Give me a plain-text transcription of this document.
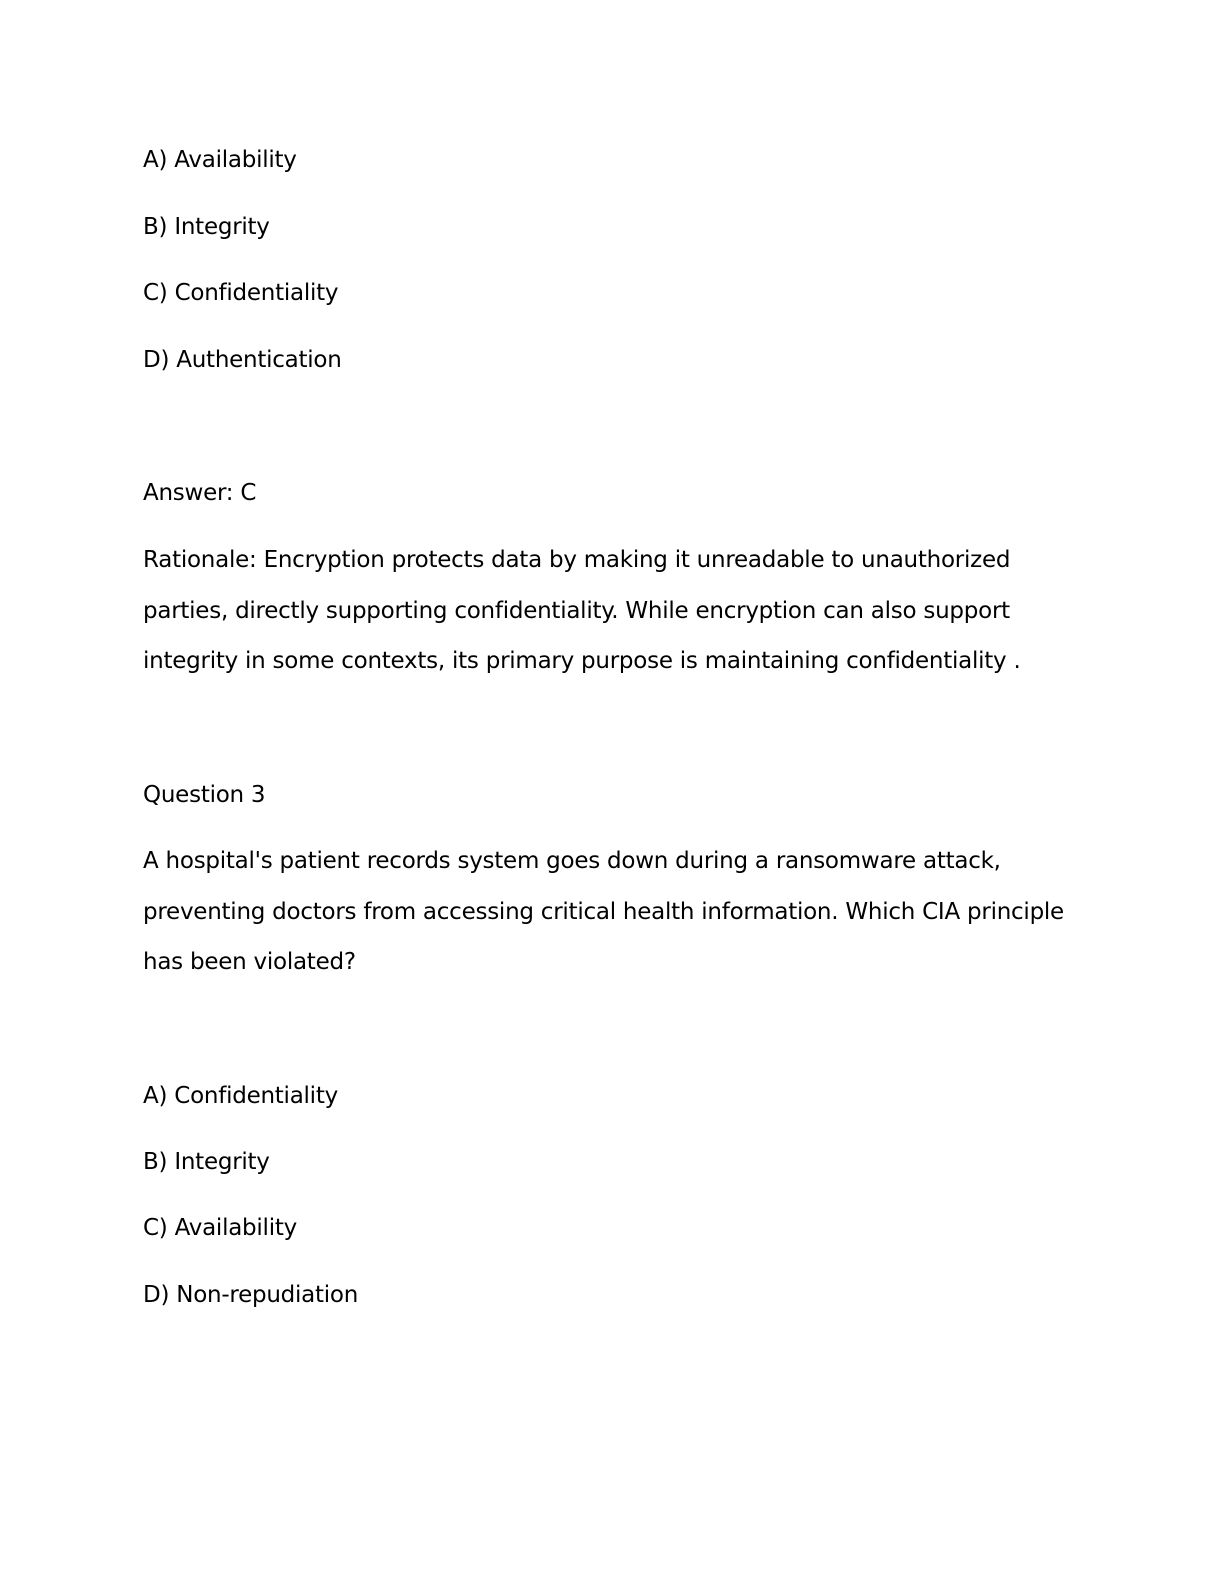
A) Availability

B) Integrity

C) Confidentiality

D) Authentication

Answer: C

Rationale: Encryption protects data by making it unreadable to unauthorized
parties, directly supporting confidentiality. While encryption can also support
integrity in some contexts, its primary purpose is maintaining confidentiality .

Question 3

A hospital's patient records system goes down during a ransomware attack,
preventing doctors from accessing critical health information. Which CIA principle
has been violated?

A) Confidentiality

B) Integrity

C) Availability

D) Non-repudiation
